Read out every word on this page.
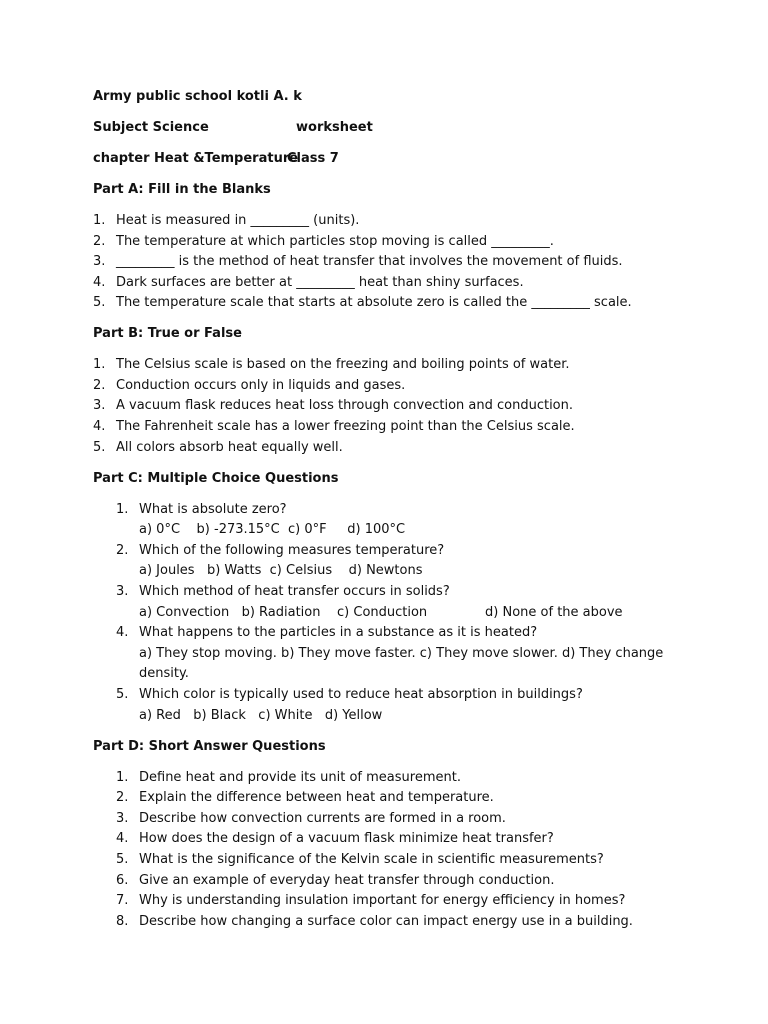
Army public school kotli A. k
Subject Science	worksheet
chapter Heat &Temperature
Class 7
Part A: Fill in the Blanks
1. Heat is measured in _________ (units).
2. The temperature at which particles stop moving is called _________.
3. _________ is the method of heat transfer that involves the movement of fluids.
4. Dark surfaces are better at _________ heat than shiny surfaces.
5. The temperature scale that starts at absolute zero is called the _________ scale.
Part B: True or False
1. The Celsius scale is based on the freezing and boiling points of water.
2. Conduction occurs only in liquids and gases.
3. A vacuum flask reduces heat loss through convection and conduction.
4. The Fahrenheit scale has a lower freezing point than the Celsius scale.
5. All colors absorb heat equally well.
Part C: Multiple Choice Questions
1. What is absolute zero?
a) 0°C    b) -273.15°C  c) 0°F     d) 100°C
2. Which of the following measures temperature?
a) Joules   b) Watts  c) Celsius    d) Newtons
3. Which method of heat transfer occurs in solids?
a) Convection   b) Radiation    c) Conduction              d) None of the above
4. What happens to the particles in a substance as it is heated?
a) They stop moving. b) They move faster. c) They move slower. d) They change density.
5. Which color is typically used to reduce heat absorption in buildings?
a) Red   b) Black   c) White   d) Yellow
Part D: Short Answer Questions
1. Define heat and provide its unit of measurement.
2. Explain the difference between heat and temperature.
3. Describe how convection currents are formed in a room.
4. How does the design of a vacuum flask minimize heat transfer?
5. What is the significance of the Kelvin scale in scientific measurements?
6. Give an example of everyday heat transfer through conduction.
7. Why is understanding insulation important for energy efficiency in homes?
8. Describe how changing a surface color can impact energy use in a building.
